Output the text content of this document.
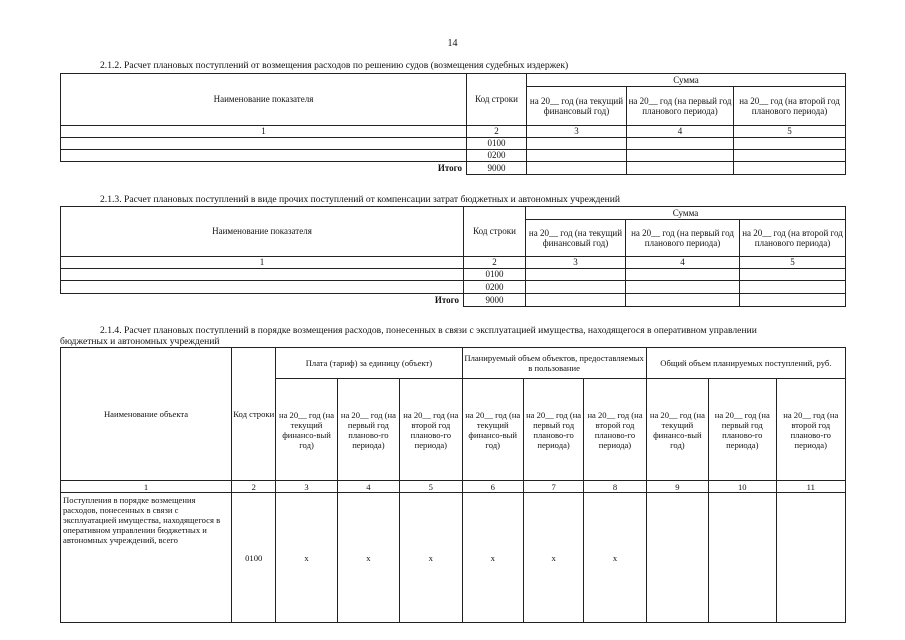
14
2.1.2. Расчет плановых поступлений от возмещения расходов по решению судов (возмещения судебных издержек)
Наименование показателя	Код строки	Сумма		
		на 20__ год (на текущий финансовый год)	на 20__ год (на первый год планового периода)	на 20__ год (на второй год планового периода)
1	2	3	4	5
	0100			
	0200			
Итого	9000			
2.1.3. Расчет плановых поступлений в виде прочих поступлений от компенсации затрат бюджетных и автономных учреждений
Наименование показателя	Код строки	Сумма		
		на 20__ год (на текущий финансовый год)	на 20__ год (на первый год планового периода)	на 20__ год (на второй год планового периода)
1	2	3	4	5
	0100			
	0200			
Итого	9000			
2.1.4. Расчет плановых поступлений в порядке возмещения расходов, понесенных в связи с эксплуатацией имущества, находящегося в оперативном управлении
бюджетных и автономных учреждений
Наименование объекта	Код строки	Плата (тариф) за единицу (объект)			Планируемый объем объектов, предоставляемых в пользование			Общий объем планируемых поступлений, руб.		
		на 20__ год (на текущий финансо-вый год)	на 20__ год (на первый год планово-го периода)	на 20__ год (на второй год планово-го периода)	на 20__ год (на текущий финансо-вый год)	на 20__ год (на первый год планово-го периода)	на 20__ год (на второй год планово-го периода)	на 20__ год (на текущий финансо-вый год)	на 20__ год (на первый год планово-го периода)	на 20__ год (на второй год планово-го периода)
1	2	3	4	5	6	7	8	9	10	11
Поступления в порядке возмещения расходов, понесенных в связи с эксплуатацией имущества, находящегося в оперативном управлении бюджетных и автономных учреждений, всего	0100	x	x	x	x	x	x			
